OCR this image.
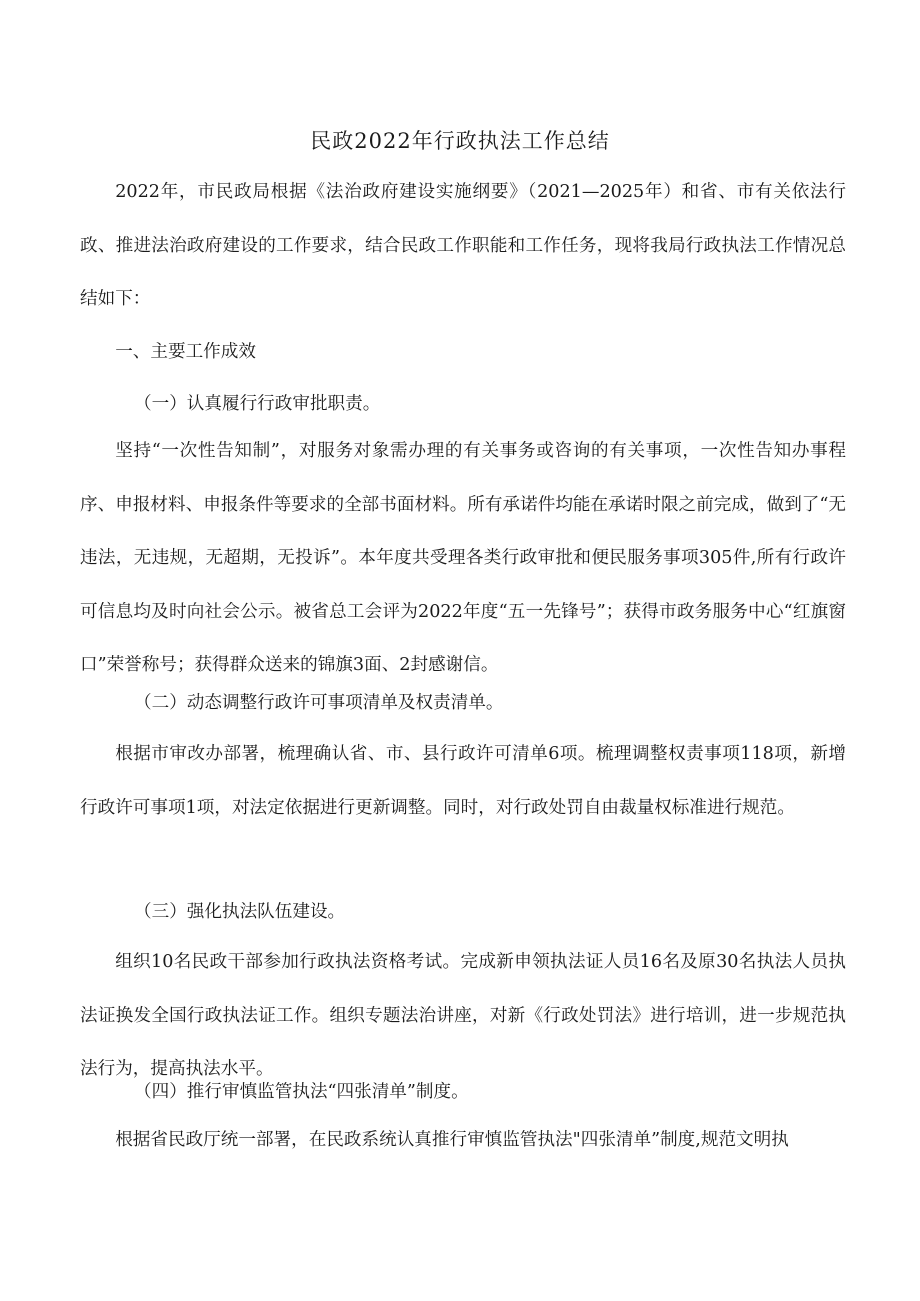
民政2022年行政执法工作总结

2022年，市民政局根据《法治政府建设实施纲要》（2021—2025年）和省、市有关依法行政、推进法治政府建设的工作要求，结合民政工作职能和工作任务，现将我局行政执法工作情况总结如下：

一、主要工作成效

（一）认真履行行政审批职责。

坚持“一次性告知制”，对服务对象需办理的有关事务或咨询的有关事项，一次性告知办事程序、申报材料、申报条件等要求的全部书面材料。所有承诺件均能在承诺时限之前完成，做到了“无违法，无违规，无超期，无投诉”。本年度共受理各类行政审批和便民服务事项305件,所有行政许可信息均及时向社会公示。被省总工会评为2022年度“五一先锋号”；获得市政务服务中心“红旗窗口”荣誉称号；获得群众送来的锦旗3面、2封感谢信。

（二）动态调整行政许可事项清单及权责清单。

根据市审改办部署，梳理确认省、市、县行政许可清单6项。梳理调整权责事项118项，新增行政许可事项1项，对法定依据进行更新调整。同时，对行政处罚自由裁量权标准进行规范。

（三）强化执法队伍建设。

组织10名民政干部参加行政执法资格考试。完成新申领执法证人员16名及原30名执法人员执法证换发全国行政执法证工作。组织专题法治讲座，对新《行政处罚法》进行培训，进一步规范执法行为，提高执法水平。

（四）推行审慎监管执法“四张清单”制度。

根据省民政厅统一部署，在民政系统认真推行审慎监管执法"四张清单”制度,规范文明执
